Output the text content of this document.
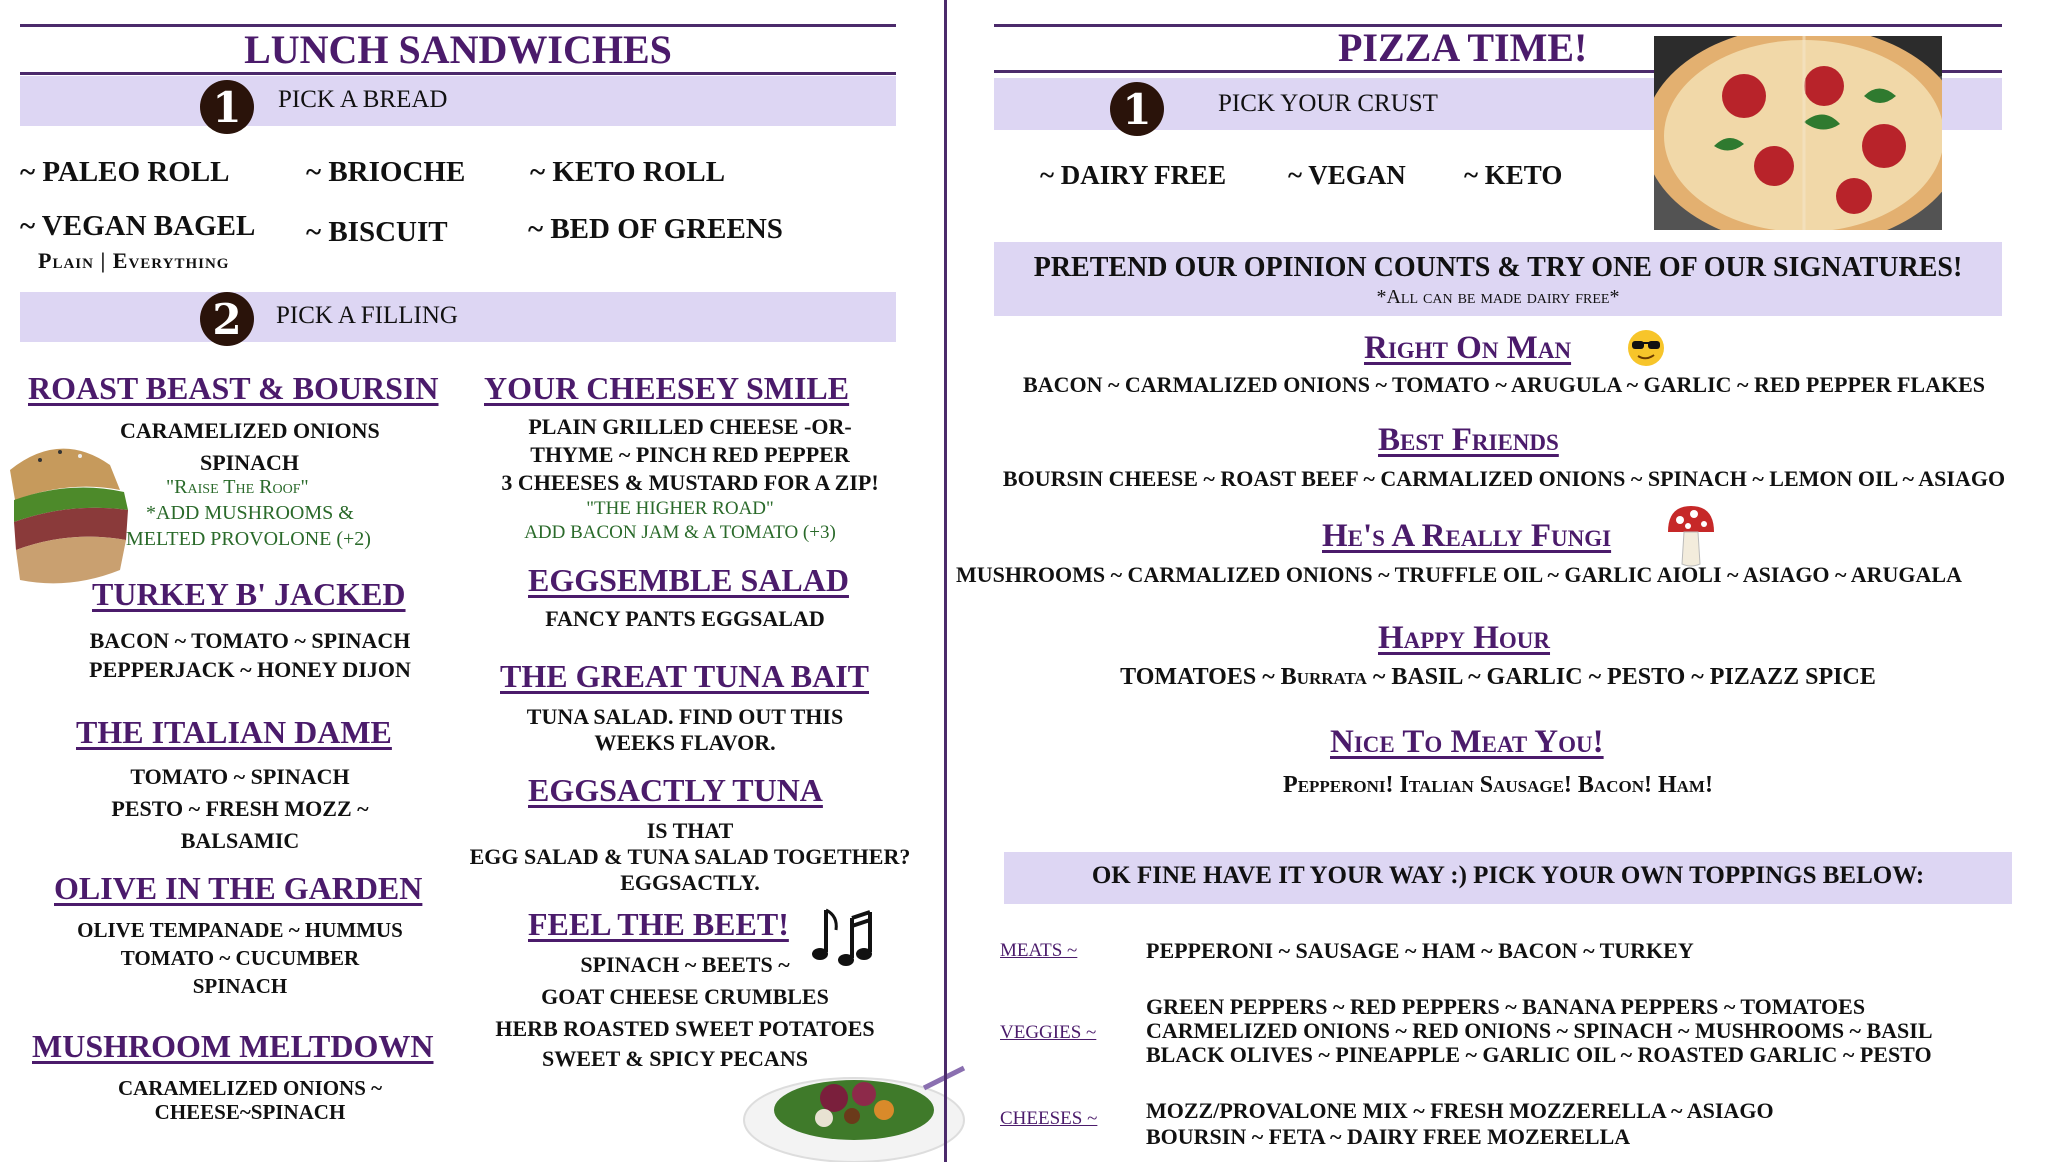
LUNCH SANDWICHES
1	PICK A BREAD
~ PALEO ROLL	~ BRIOCHE ~ KETO ROLL
~ VEGAN BAGEL ~ BISCUIT	~ BED OF GREENS
Plain | Everything
2	PICK A FILLING
ROAST BEAST & BOURSIN
CARAMELIZED ONIONS
SPINACH
"Raise The Roof"
*ADD MUSHROOMS &
MELTED PROVOLONE (+2)
TURKEY B' JACKED
BACON ~ TOMATO ~ SPINACH
PEPPERJACK ~ HONEY DIJON
THE ITALIAN DAME
TOMATO ~ SPINACH
PESTO ~ FRESH MOZZ ~
BALSAMIC
OLIVE IN THE GARDEN
OLIVE TEMPANADE ~ HUMMUS
TOMATO ~ CUCUMBER
SPINACH
MUSHROOM MELTDOWN
CARAMELIZED ONIONS ~
CHEESE~SPINACH
YOUR CHEESEY SMILE
PLAIN GRILLED CHEESE -OR-
THYME ~ PINCH RED PEPPER
3 CHEESES & MUSTARD FOR A ZIP!
"THE HIGHER ROAD"
ADD BACON JAM & A TOMATO (+3)
EGGSEMBLE SALAD
FANCY PANTS EGGSALAD
THE GREAT TUNA BAIT
TUNA SALAD. FIND OUT THIS
WEEKS FLAVOR.
EGGSACTLY TUNA
IS THAT
EGG SALAD & TUNA SALAD TOGETHER?
EGGSACTLY.
FEEL THE BEET!
SPINACH ~ BEETS ~
GOAT CHEESE CRUMBLES
HERB ROASTED SWEET POTATOES
SWEET & SPICY PECANS
PIZZA TIME!
1	PICK YOUR CRUST
~ DAIRY FREE ~ VEGAN ~ KETO
PRETEND OUR OPINION COUNTS & TRY ONE OF OUR SIGNATURES!
*All can be made dairy free*
Right On Man
BACON ~ CARMALIZED ONIONS ~ TOMATO ~ ARUGULA ~ GARLIC ~ RED PEPPER FLAKES
Best Friends
BOURSIN CHEESE ~ ROAST BEEF ~ CARMALIZED ONIONS ~ SPINACH ~ LEMON OIL ~ ASIAGO
He's A Really Fungi
MUSHROOMS ~ CARMALIZED ONIONS ~ TRUFFLE OIL ~ GARLIC AIOLI ~ ASIAGO ~ ARUGALA
Happy Hour
TOMATOES ~ Burrata ~ BASIL ~ GARLIC ~ PESTO ~ PIZAZZ SPICE
Nice To Meat You!
Pepperoni! Italian Sausage! Bacon! Ham!
OK FINE HAVE IT YOUR WAY :) PICK YOUR OWN TOPPINGS BELOW:
MEATS ~	PEPPERONI ~ SAUSAGE ~ HAM ~ BACON ~ TURKEY
VEGGIES ~
GREEN PEPPERS ~ RED PEPPERS ~ BANANA PEPPERS ~ TOMATOES
CARMELIZED ONIONS ~ RED ONIONS ~ SPINACH ~ MUSHROOMS ~ BASIL
BLACK OLIVES ~ PINEAPPLE ~ GARLIC OIL ~ ROASTED GARLIC ~ PESTO
CHEESES ~ MOZZ/PROVALONE MIX ~ FRESH MOZZERELLA ~ ASIAGO
BOURSIN ~ FETA ~ DAIRY FREE MOZERELLA
